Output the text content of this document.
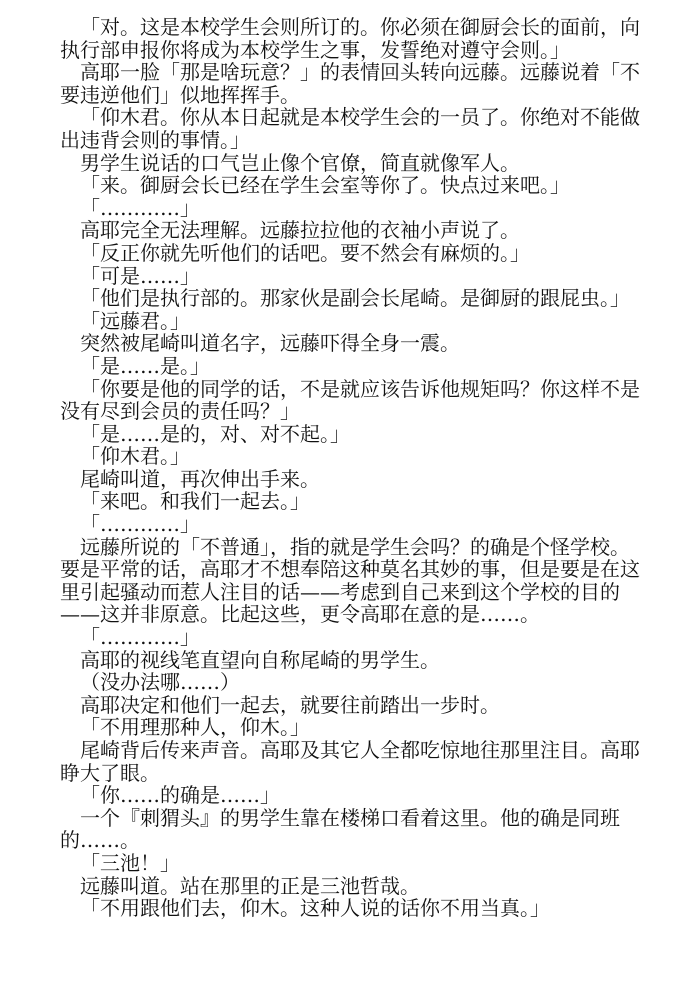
「对。这是本校学生会则所订的。你必须在御厨会长的面前，向执行部申报你将成为本校学生之事，发誓绝对遵守会则。」

高耶一脸「那是啥玩意？」的表情回头转向远藤。远藤说着「不要违逆他们」似地挥挥手。

「仰木君。你从本日起就是本校学生会的一员了。你绝对不能做出违背会则的事情。」

男学生说话的口气岂止像个官僚，简直就像军人。

「来。御厨会长已经在学生会室等你了。快点过来吧。」

「…………」

高耶完全无法理解。远藤拉拉他的衣袖小声说了。

「反正你就先听他们的话吧。要不然会有麻烦的。」

「可是……」

「他们是执行部的。那家伙是副会长尾崎。是御厨的跟屁虫。」

「远藤君。」

突然被尾崎叫道名字，远藤吓得全身一震。

「是……是。」

「你要是他的同学的话，不是就应该告诉他规矩吗？你这样不是没有尽到会员的责任吗？」

「是……是的，对、对不起。」

「仰木君。」

尾崎叫道，再次伸出手来。

「来吧。和我们一起去。」

「…………」

远藤所说的「不普通」，指的就是学生会吗？的确是个怪学校。要是平常的话，高耶才不想奉陪这种莫名其妙的事，但是要是在这里引起骚动而惹人注目的话——考虑到自己来到这个学校的目的——这并非原意。比起这些，更令高耶在意的是……。

「…………」

高耶的视线笔直望向自称尾崎的男学生。

（没办法哪……）

高耶决定和他们一起去，就要往前踏出一步时。

「不用理那种人，仰木。」

尾崎背后传来声音。高耶及其它人全都吃惊地往那里注目。高耶睁大了眼。

「你……的确是……」

一个『刺猬头』的男学生靠在楼梯口看着这里。他的确是同班的……。

「三池！」

远藤叫道。站在那里的正是三池哲哉。

「不用跟他们去，仰木。这种人说的话你不用当真。」
